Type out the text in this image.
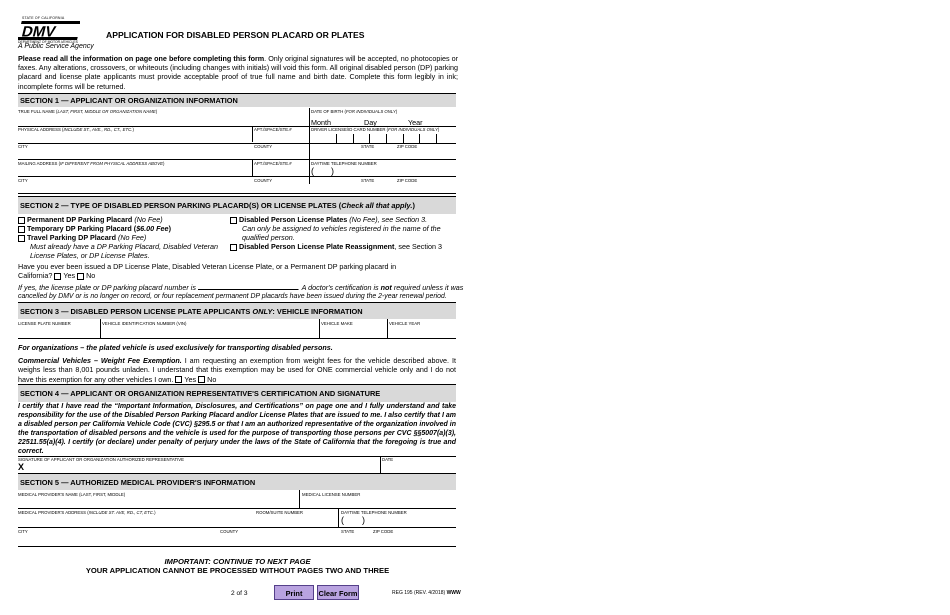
STATE OF CALIFORNIA
DMV
DEPARTMENT OF MOTOR VEHICLES
A Public Service Agency
APPLICATION FOR DISABLED PERSON PLACARD OR PLATES
Please read all the information on page one before completing this form. Only original signatures will be accepted, no photocopies or faxes. Any alterations, crossovers, or whiteouts (including changes with initials) will void this form. All original disabled person (DP) parking placard and license plate applicants must provide acceptable proof of true full name and birth date. Complete this form legibly in ink; incomplete forms will be returned.
SECTION 1 — APPLICANT OR ORGANIZATION INFORMATION
TRUE FULL NAME (LAST, FIRST, MIDDLE OR ORGANIZATION NAME)	DATE OF BIRTH (FOR INDIVIDUALS ONLY)
Month	Day	Year
PHYSICAL ADDRESS (INCLUDE ST., AVE., RD., CT., ETC.)	APT./SPACE/STE.#	DRIVER LICENSE/ID CARD NUMBER (FOR INDIVIDUALS ONLY)
CITY	COUNTY	STATE	ZIP CODE
MAILING ADDRESS (IF DIFFERENT FROM PHYSICAL ADDRESS ABOVE)	APT./SPACE/STE.#	DAYTIME TELEPHONE NUMBER
( )
CITY	COUNTY	STATE	ZIP CODE
SECTION 2 — TYPE OF DISABLED PERSON PARKING PLACARD(S) OR LICENSE PLATES (Check all that apply.)
Permanent DP Parking Placard (No Fee)
Temporary DP Parking Placard ($6.00 Fee)
Travel Parking DP Placard (No Fee)
Must already have a DP Parking Placard, Disabled Veteran
License Plates, or DP License Plates.
Disabled Person License Plates (No Fee), see Section 3.
Can only be assigned to vehicles registered in the name of the
qualified person.
Disabled Person License Plate Reassignment, see Section 3
Have you ever been issued a DP License Plate, Disabled Veteran License Plate, or a Permanent DP parking placard in
California? Yes No
If yes, the license plate or DP parking placard number is	. A doctor's certification is not required unless it was
cancelled by DMV or is no longer on record, or four replacement permanent DP placards have been issued during the 2-year renewal period.
SECTION 3 — DISABLED PERSON LICENSE PLATE APPLICANTS ONLY: VEHICLE INFORMATION
LICENSE PLATE NUMBER	VEHICLE IDENTIFICATION NUMBER (VIN)	VEHICLE MAKE	VEHICLE YEAR
For organizations – the plated vehicle is used exclusively for transporting disabled persons.
Commercial Vehicles – Weight Fee Exemption. I am requesting an exemption from weight fees for the vehicle described above. It weighs less than 8,001 pounds unladen. I understand that this exemption may be used for ONE commercial vehicle only and I do not have this exemption for any other vehicles I own. Yes No
SECTION 4 — APPLICANT OR ORGANIZATION REPRESENTATIVE'S CERTIFICATION AND SIGNATURE
I certify that I have read the “Important Information, Disclosures, and Certifications” on page one and I fully understand and take responsibility for the use of the Disabled Person Parking Placard and/or License Plates that are issued to me. I also certify that I am a disabled person per California Vehicle Code (CVC) §295.5 or that I am an authorized representative of the organization involved in the transportation of disabled persons and the vehicle is used for the purpose of transporting those persons per CVC §§5007(a)(3), 22511.55(a)(4). I certify (or declare) under penalty of perjury under the laws of the State of California that the foregoing is true and correct.
SIGNATURE OF APPLICANT OR ORGANIZATION AUTHORIZED REPRESENTATIVE
X
DATE
SECTION 5 — AUTHORIZED MEDICAL PROVIDER'S INFORMATION
MEDICAL PROVIDER'S NAME (LAST, FIRST, MIDDLE)	MEDICAL LICENSE NUMBER
MEDICAL PROVIDER'S ADDRESS (INCLUDE ST. AVE, RD., CT, ETC.)	ROOM/SUITE NUMBER	DAYTIME TELEPHONE NUMBER
( )
CITY	COUNTY	STATE	ZIP CODE
IMPORTANT: CONTINUE TO NEXT PAGE
YOUR APPLICATION CANNOT BE PROCESSED WITHOUT PAGES TWO AND THREE
2 of 3	Print	Clear Form	REG 195 (REV. 4/2018) WWW
